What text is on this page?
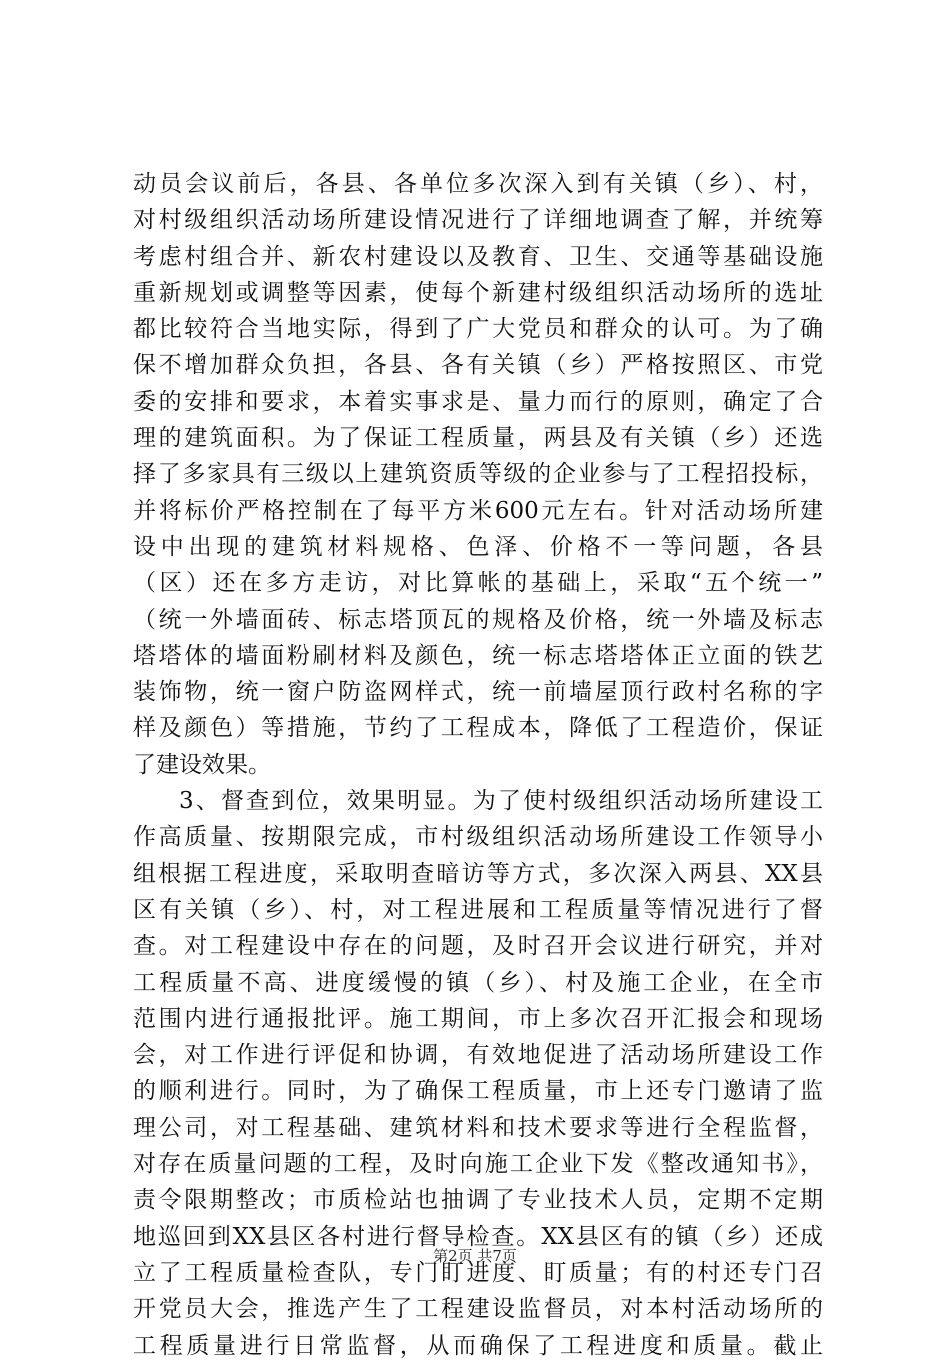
动员会议前后，各县、各单位多次深入到有关镇（乡）、村，
对村级组织活动场所建设情况进行了详细地调查了解，并统筹
考虑村组合并、新农村建设以及教育、卫生、交通等基础设施
重新规划或调整等因素，使每个新建村级组织活动场所的选址
都比较符合当地实际，得到了广大党员和群众的认可。为了确
保不增加群众负担，各县、各有关镇（乡）严格按照区、市党
委的安排和要求，本着实事求是、量力而行的原则，确定了合
理的建筑面积。为了保证工程质量，两县及有关镇（乡）还选
择了多家具有三级以上建筑资质等级的企业参与了工程招投标，
并将标价严格控制在了每平方米600元左右。针对活动场所建
设中出现的建筑材料规格、色泽、价格不一等问题，各县
（区）还在多方走访，对比算帐的基础上，采取“五个统一”
（统一外墙面砖、标志塔顶瓦的规格及价格，统一外墙及标志
塔塔体的墙面粉刷材料及颜色，统一标志塔塔体正立面的铁艺
装饰物，统一窗户防盗网样式，统一前墙屋顶行政村名称的字
样及颜色）等措施，节约了工程成本，降低了工程造价，保证
了建设效果。
3、督查到位，效果明显。为了使村级组织活动场所建设工
作高质量、按期限完成，市村级组织活动场所建设工作领导小
组根据工程进度，采取明查暗访等方式，多次深入两县、XX县
区有关镇（乡）、村，对工程进展和工程质量等情况进行了督
查。对工程建设中存在的问题，及时召开会议进行研究，并对
工程质量不高、进度缓慢的镇（乡）、村及施工企业，在全市
范围内进行通报批评。施工期间，市上多次召开汇报会和现场
会，对工作进行评促和协调，有效地促进了活动场所建设工作
的顺利进行。同时，为了确保工程质量，市上还专门邀请了监
理公司，对工程基础、建筑材料和技术要求等进行全程监督，
对存在质量问题的工程，及时向施工企业下发《整改通知书》，
责令限期整改；市质检站也抽调了专业技术人员，定期不定期
地巡回到XX县区各村进行督导检查。XX县区有的镇（乡）还成
立了工程质量检查队，专门盯进度、盯质量；有的村还专门召
开党员大会，推选产生了工程建设监督员，对本村活动场所的
工程质量进行日常监督，从而确保了工程进度和质量。截止
第2页 共7页
